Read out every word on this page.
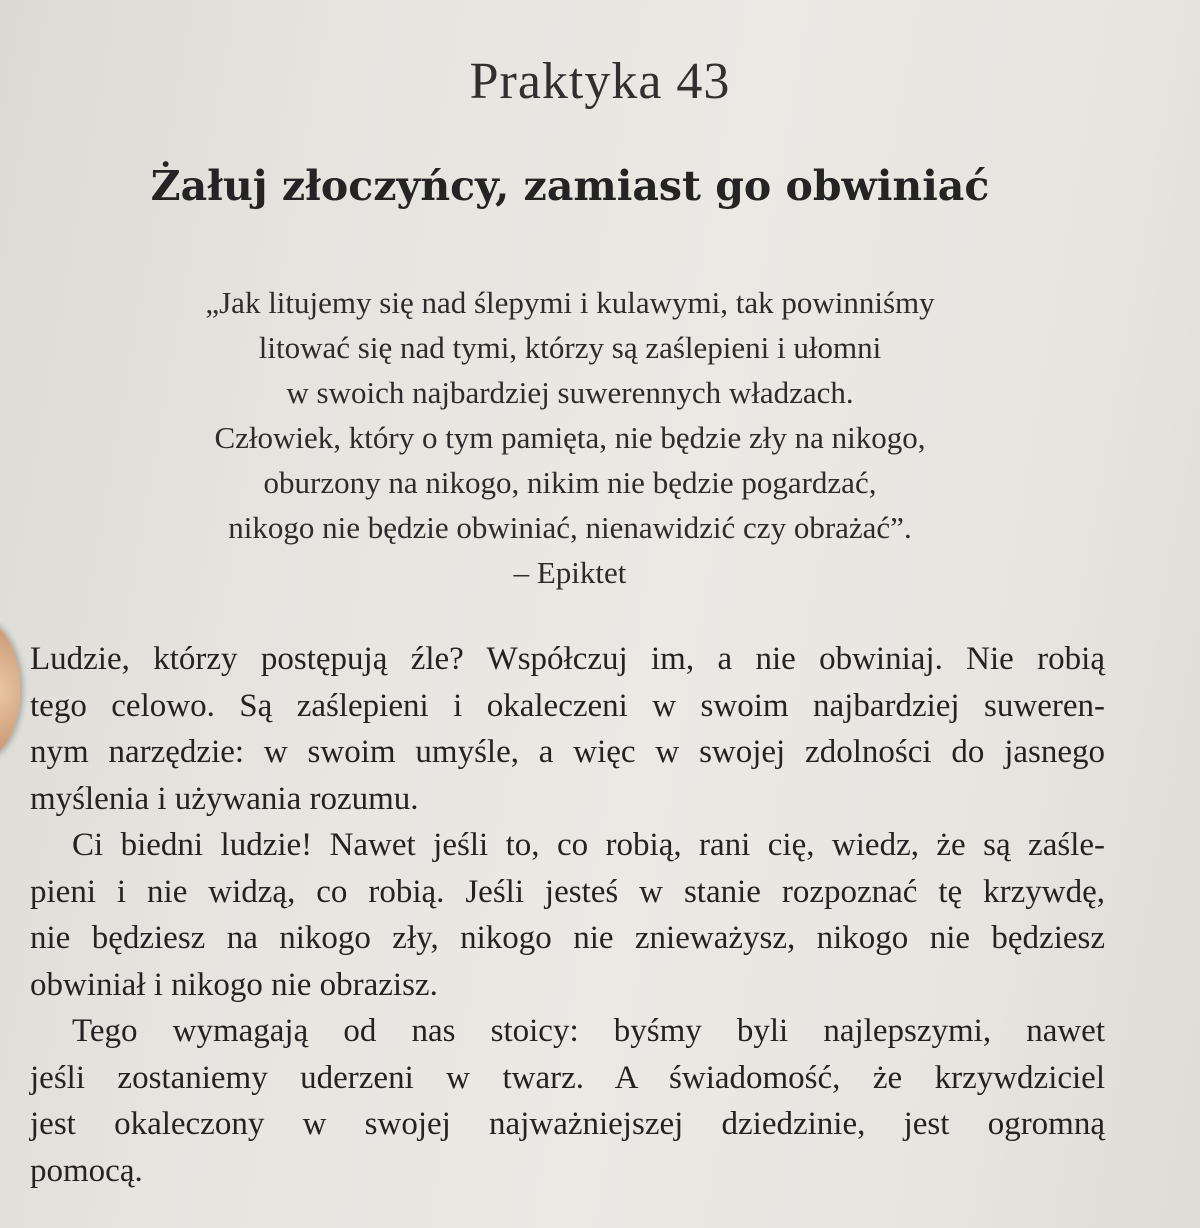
Praktyka 43
Żałuj złoczyńcy, zamiast go obwiniać
„Jak litujemy się nad ślepymi i kulawymi, tak powinniśmy
litować się nad tymi, którzy są zaślepieni i ułomni
w swoich najbardziej suwerennych władzach.
Człowiek, który o tym pamięta, nie będzie zły na nikogo,
oburzony na nikogo, nikim nie będzie pogardzać,
nikogo nie będzie obwiniać, nienawidzić czy obrażać”.
– Epiktet

Ludzie, którzy postępują źle? Współczuj im, a nie obwiniaj. Nie robią
tego celowo. Są zaślepieni i okaleczeni w swoim najbardziej suweren-
nym narzędzie: w swoim umyśle, a więc w swojej zdolności do jasnego
myślenia i używania rozumu.

Ci biedni ludzie! Nawet jeśli to, co robią, rani cię, wiedz, że są zaśle-
pieni i nie widzą, co robią. Jeśli jesteś w stanie rozpoznać tę krzywdę,
nie będziesz na nikogo zły, nikogo nie znieważysz, nikogo nie będziesz
obwiniał i nikogo nie obrazisz.

Tego wymagają od nas stoicy: byśmy byli najlepszymi, nawet
jeśli zostaniemy uderzeni w twarz. A świadomość, że krzywdziciel
jest okaleczony w swojej najważniejszej dziedzinie, jest ogromną
pomocą.
